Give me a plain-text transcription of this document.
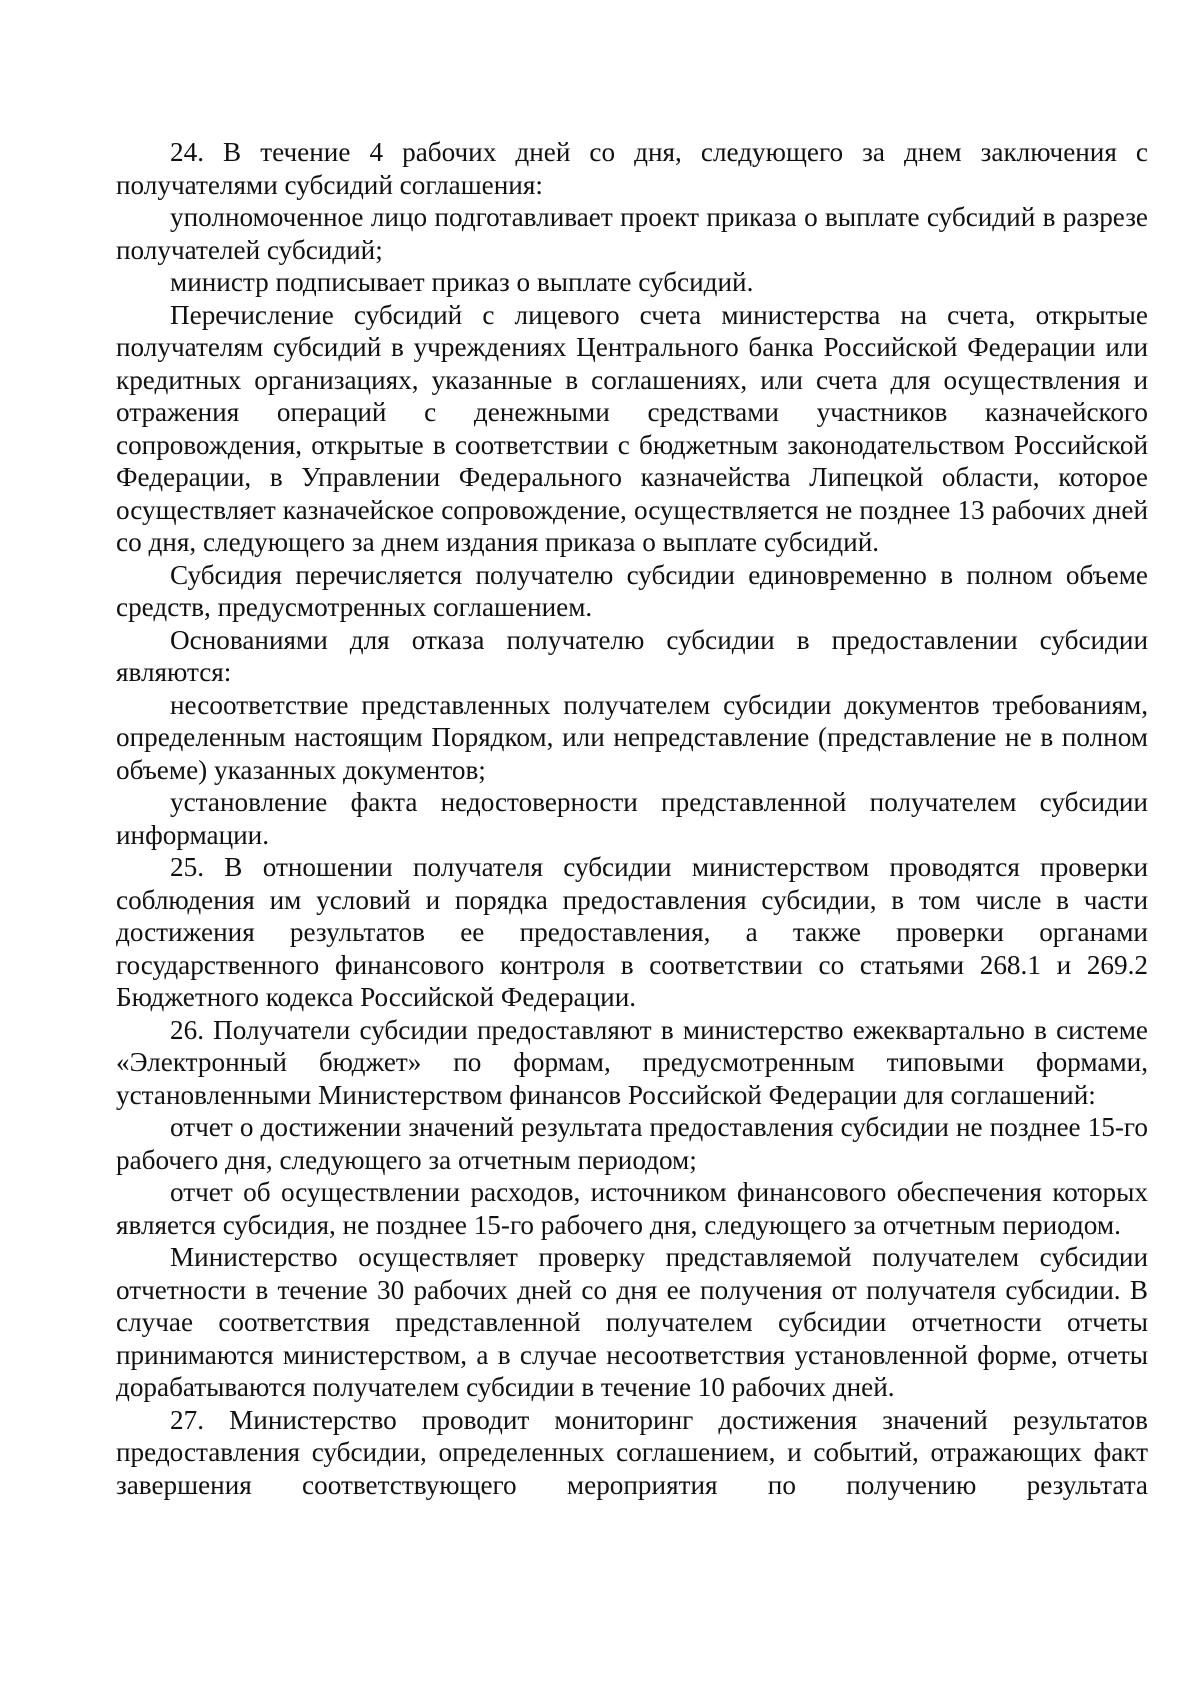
24. В течение 4 рабочих дней со дня, следующего за днем заключения с получателями субсидий соглашения:

уполномоченное лицо подготавливает проект приказа о выплате субсидий в разрезе получателей субсидий;

министр подписывает приказ о выплате субсидий.

Перечисление субсидий с лицевого счета министерства на счета, открытые получателям субсидий в учреждениях Центрального банка Российской Федерации или кредитных организациях, указанные в соглашениях, или счета для осуществления и отражения операций с денежными средствами участников казначейского сопровождения, открытые в соответствии с бюджетным законодательством Российской Федерации, в Управлении Федерального казначейства Липецкой области, которое осуществляет казначейское сопровождение, осуществляется не позднее 13 рабочих дней со дня, следующего за днем издания приказа о выплате субсидий.

Субсидия перечисляется получателю субсидии единовременно в полном объеме средств, предусмотренных соглашением.

Основаниями для отказа получателю субсидии в предоставлении субсидии являются:

несоответствие представленных получателем субсидии документов требованиям, определенным настоящим Порядком, или непредставление (представление не в полном объеме) указанных документов;

установление факта недостоверности представленной получателем субсидии информации.

25. В отношении получателя субсидии министерством проводятся проверки соблюдения им условий и порядка предоставления субсидии, в том числе в части достижения результатов ее предоставления, а также проверки органами государственного финансового контроля в соответствии со статьями 268.1 и 269.2 Бюджетного кодекса Российской Федерации.

26. Получатели субсидии предоставляют в министерство ежеквартально в системе «Электронный бюджет» по формам, предусмотренным типовыми формами, установленными Министерством финансов Российской Федерации для соглашений:

отчет о достижении значений результата предоставления субсидии не позднее 15-го рабочего дня, следующего за отчетным периодом;

отчет об осуществлении расходов, источником финансового обеспечения которых является субсидия, не позднее 15-го рабочего дня, следующего за отчетным периодом.

Министерство осуществляет проверку представляемой получателем субсидии отчетности в течение 30 рабочих дней со дня ее получения от получателя субсидии. В случае соответствия представленной получателем субсидии отчетности отчеты принимаются министерством, а в случае несоответствия установленной форме, отчеты дорабатываются получателем субсидии в течение 10 рабочих дней.

27. Министерство проводит мониторинг достижения значений результатов предоставления субсидии, определенных соглашением, и событий, отражающих факт завершения соответствующего мероприятия по получению результата
